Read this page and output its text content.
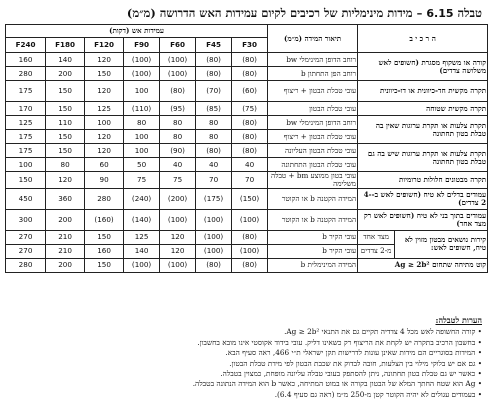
טבלה 6.15 – מידות מינימליות של רכיבים לקיום עמידות האש הדרושה (מ״מ)
ה ר כ י ב		תיאור המידה (מ״מ)	עמידות אש (דקות)						
			F30	F45	F60	F90	F120	F180	F240
קורה או משקוף מסגרת (חשופים לאש משלושה צדדים)		רוחב הדופן המינימלי bw	(80)	(80)	(100)	(100)	120	140	160
		רוחב הפן התחתון b	(80)	(80)	(100)	(100)	150	200	280
תקרה מקשית חד-כיוונית או דו-כיוונית		עובי טבלת הבטון + ריצוף	(60)	(70)	(80)	100	120	150	175
תקרה מקשית שטוחה		עובי טבלת הבטון	(75)	(85)	(95)	(110)	125	150	170
תקרת צלעות או תקרת ערוגות שאין בה טבלת בטון תחתונה		רוחב הדופן המינימלי bw	(80)	80	80	80	100	110	125
		עובי טבלת הבטון + ריצוף	(80)	80	80	100	120	150	175
תקרת צלעות או תקרת ערוגות שיש בה גם טבלת בטון תחתונה		עובי טבלת הבטון העליונה	(80)	(80)	(90)	100	120	150	175
		עובי טבלת הבטון התחתונה	40	40	40	50	60	80	100
תקרה מבטונים חלולות טרומיות		עובי בטון ממוצע bm + טבלה משלימה	70	70	75	75	90	120	150
עמודים בדלים לא טיח (חשופים לאש ב-4-2 צדדים)		המידה הקטנה b או הקוטר	(150)	(175)	(200)	(240)	280	360	450
עמודים בתוך בני לא טיח (חשופים לאש רק מצד אחד)		המידה הקטנה b או הקוטר	(100)	(100)	(100)	(140)	(160)	200	300
קירות נושאים מבטון מזוין לא טיח, חשופים לאש:	מצד אחד	עובי הקיר b	(80)	(100)	120	125	150	210	270
	מ-2 צדדים	עובי הקיר b	(100)	(100)	120	140	160	210	270
קוט מתיחה שתחום Ag ≥ 2b²		המידה המינימלית b	(80)	(80)	(100)	(100)	150	200	280
הערות לטבלה:
• קורה החשופה לאש מכל 4 צדדיה תקיים גם את התנאי Ag ≥ 2b².
• בחשבון הרכיב בתקרה יש לקחת את הריצוף רק כשאינו דליק. עובי בידוד אקוסטי אינו מובא בחשבון.
• המידות בסוגריים הם מידות שאינן עונות לדרישות תקן ישראלי ת״י 466, ראה סעיף הבא.
• גם אם יש בלוקי מילוי בין הצלעות, חובה לבדוק את שכבת הבטון לפי מידת טבלת הבטון.
• כאשר יש גם טבלת בטון תחתונה, ניתן להסתפק בעובי טבלה עליונה מופחת, כמצוין בטבלה.
• Ag הוא שטח החתך המלא של הבטון בקורה או במוט המתיחה, כאשר b הוא המידה הנתונה בטבלה.
• בעמודים עגולים לא יהיה הקוטר קטן מ-250 מ״מ (ראה גם סעיף 6.4).
